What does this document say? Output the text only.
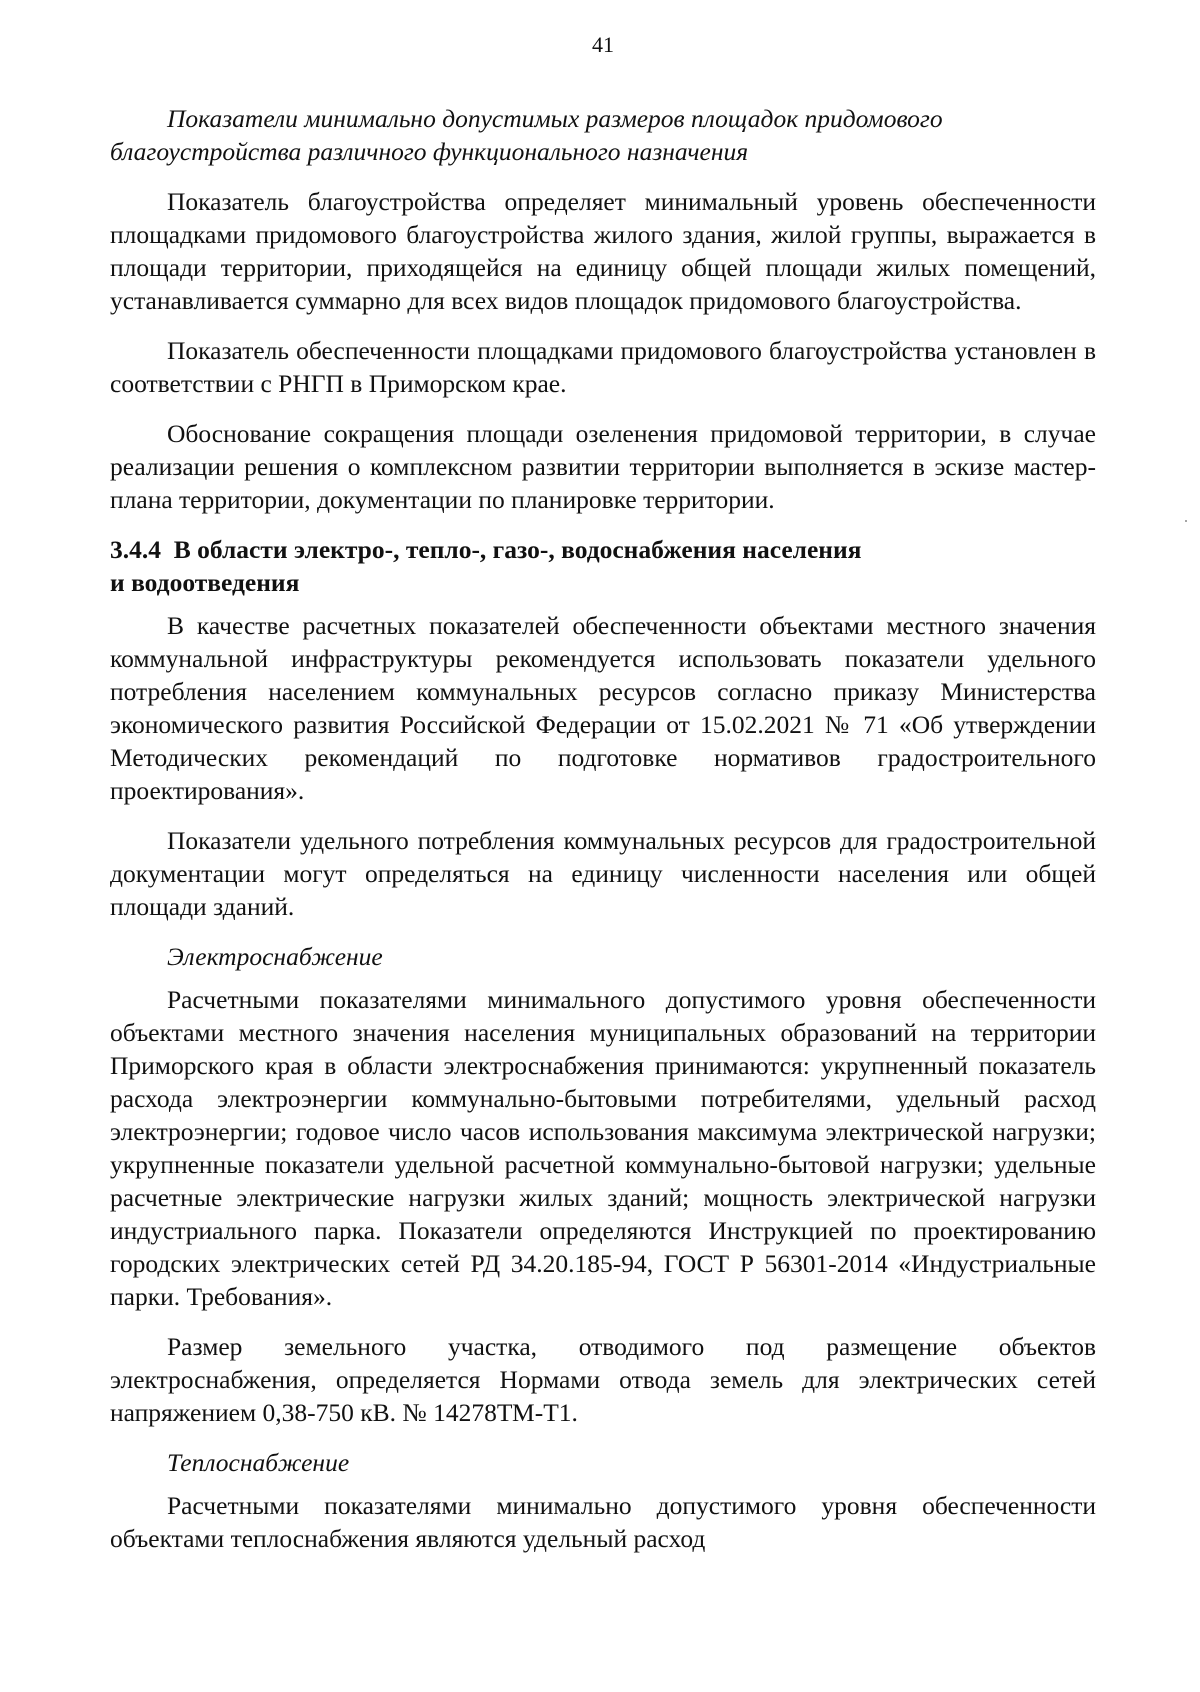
41

Показатели минимально допустимых размеров площадок придомового благоустройства различного функционального назначения

Показатель благоустройства определяет минимальный уровень обеспеченности площадками придомового благоустройства жилого здания, жилой группы, выражается в площади территории, приходящейся на единицу общей площади жилых помещений, устанавливается суммарно для всех видов площадок придомового благоустройства.

Показатель обеспеченности площадками придомового благоустройства установлен в соответствии с РНГП в Приморском крае.

Обоснование сокращения площади озеленения придомовой территории, в случае реализации решения о комплексном развитии территории выполняется в эскизе мастер-плана территории, документации по планировке территории.

3.4.4 В области электро-, тепло-, газо-, водоснабжения населения
и водоотведения

В качестве расчетных показателей обеспеченности объектами местного значения коммунальной инфраструктуры рекомендуется использовать показатели удельного потребления населением коммунальных ресурсов согласно приказу Министерства экономического развития Российской Федерации от 15.02.2021 № 71 «Об утверждении Методических рекомендаций по подготовке нормативов градостроительного проектирования».

Показатели удельного потребления коммунальных ресурсов для градостроительной документации могут определяться на единицу численности населения или общей площади зданий.

Электроснабжение

Расчетными показателями минимального допустимого уровня обеспеченности объектами местного значения населения муниципальных образований на территории Приморского края в области электроснабжения принимаются: укрупненный показатель расхода электроэнергии коммунально-бытовыми потребителями, удельный расход электроэнергии; годовое число часов использования максимума электрической нагрузки; укрупненные показатели удельной расчетной коммунально-бытовой нагрузки; удельные расчетные электрические нагрузки жилых зданий; мощность электрической нагрузки индустриального парка. Показатели определяются Инструкцией по проектированию городских электрических сетей РД 34.20.185-94, ГОСТ Р 56301-2014 «Индустриальные парки. Требования».

Размер земельного участка, отводимого под размещение объектов электроснабжения, определяется Нормами отвода земель для электрических сетей напряжением 0,38-750 кВ. № 14278ТМ-Т1.

Теплоснабжение

Расчетными показателями минимально допустимого уровня обеспеченности объектами теплоснабжения являются удельный расход
